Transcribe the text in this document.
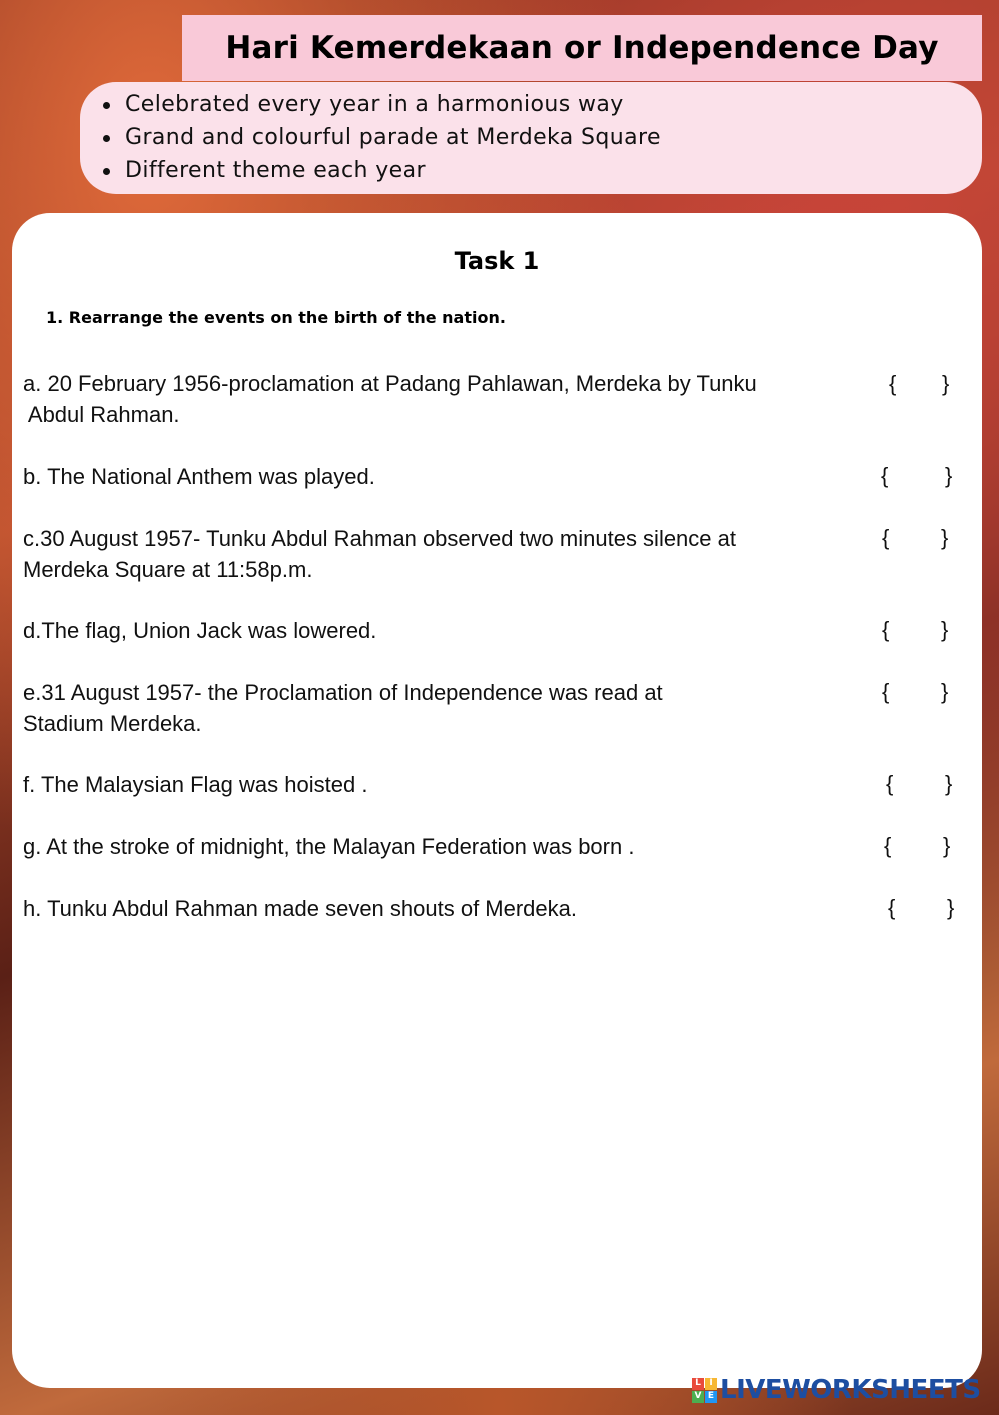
Hari Kemerdekaan or Independence Day
Celebrated every year in a harmonious way
Grand and colourful parade at Merdeka Square
Different theme each year
Task 1
1. Rearrange the events on the birth of the nation.
a. 20 February 1956-proclamation at Padang Pahlawan, Merdeka by Tunku
Abdul Rahman.
{ }
b. The National Anthem was played.	{	}
c.30 August 1957- Tunku Abdul Rahman observed two minutes silence at
Merdeka Square at 11:58p.m.
{ }
d.The flag, Union Jack was lowered.	{ }
e.31 August 1957- the Proclamation of Independence was read at
Stadium Merdeka.
{ }
f. The Malaysian Flag was hoisted .	{ }
g. At the stroke of midnight, the Malayan Federation was born .	{ }
h. Tunku Abdul Rahman made seven shouts of Merdeka.	{ }
L I
V E LIVEWORKSHEETS
